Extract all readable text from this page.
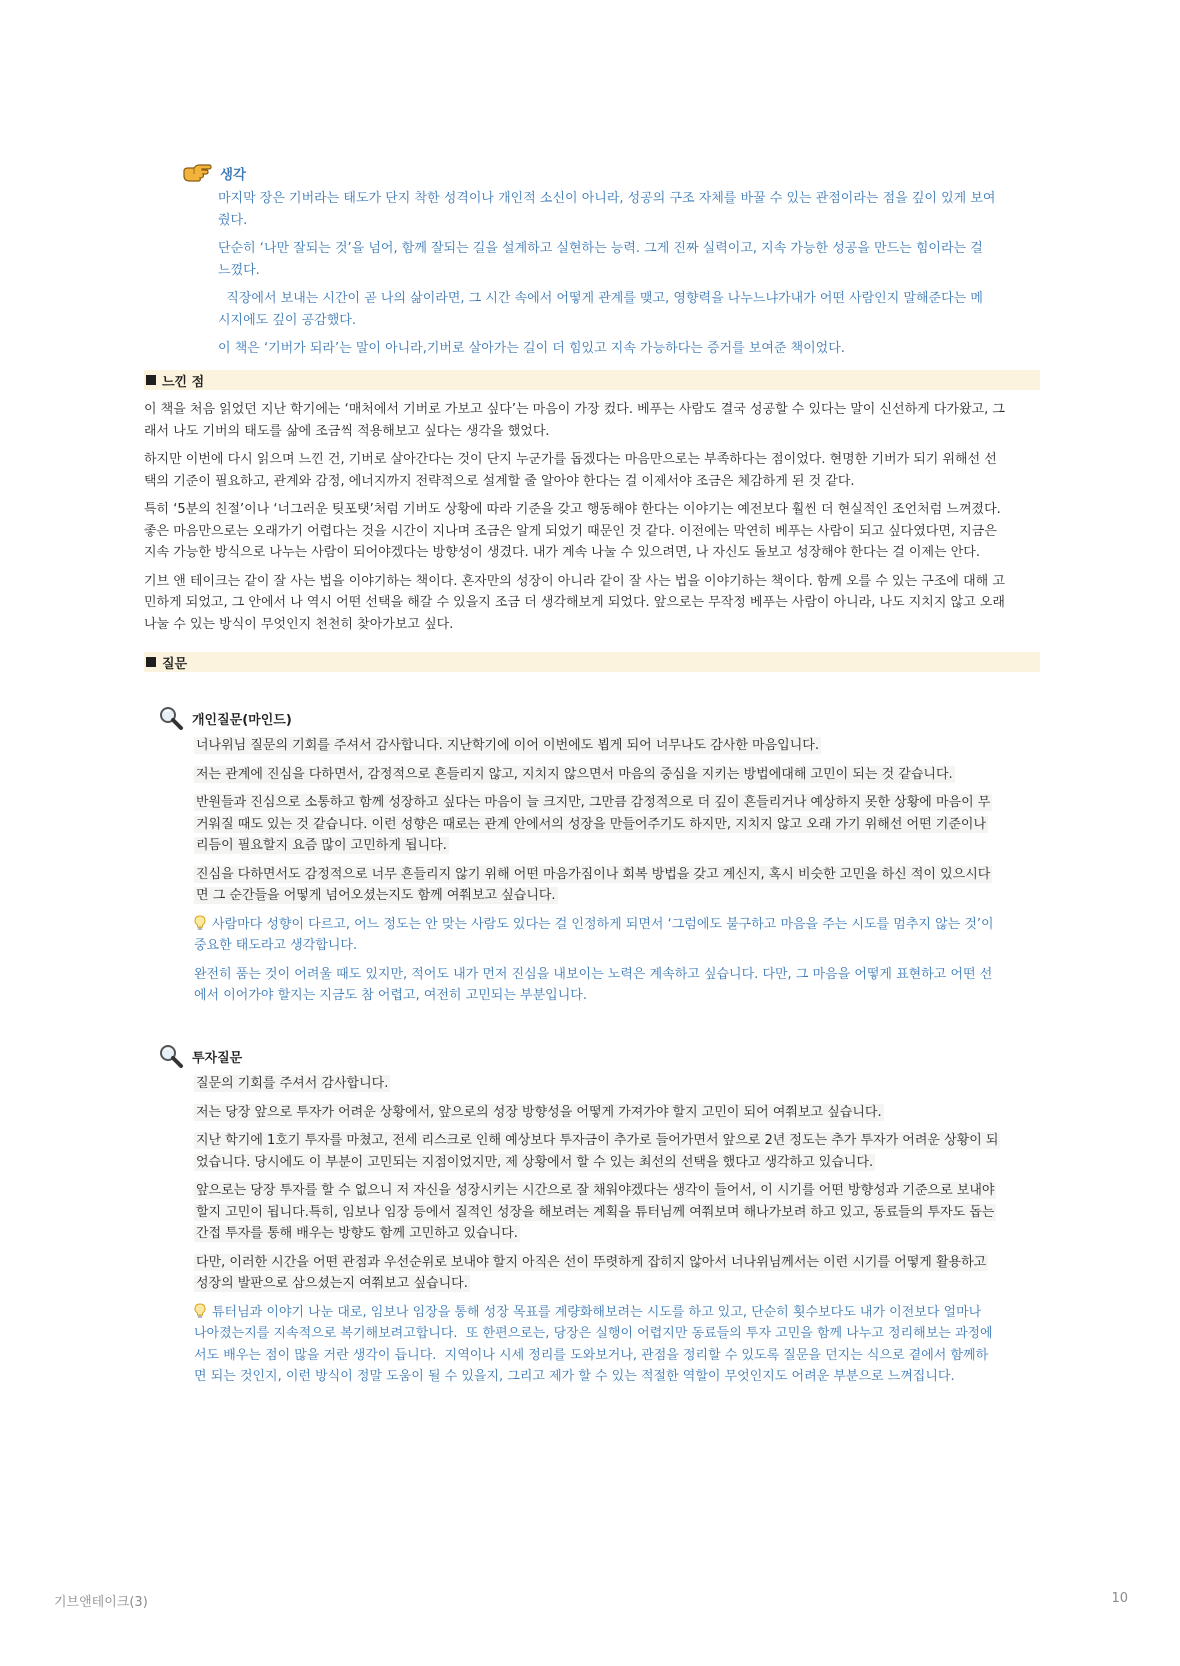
생각

마지막 장은 기버라는 태도가 단지 착한 성격이나 개인적 소신이 아니라, 성공의 구조 자체를 바꿀 수 있는 관점이라는 점을 깊이 있게 보여
줬다.

단순히 ‘나만 잘되는 것’을 넘어, 함께 잘되는 길을 설계하고 실현하는 능력. 그게 진짜 실력이고, 지속 가능한 성공을 만드는 힘이라는 걸
느꼈다.

직장에서 보내는 시간이 곧 나의 삶이라면, 그 시간 속에서 어떻게 관계를 맺고, 영향력을 나누느냐가내가 어떤 사람인지 말해준다는 메
시지에도 깊이 공감했다.

이 책은 ‘기버가 되라’는 말이 아니라,기버로 살아가는 길이 더 힘있고 지속 가능하다는 증거를 보여준 책이었다.

느낀 점

이 책을 처음 읽었던 지난 학기에는 ‘매처에서 기버로 가보고 싶다’는 마음이 가장 컸다. 베푸는 사람도 결국 성공할 수 있다는 말이 신선하게 다가왔고, 그
래서 나도 기버의 태도를 삶에 조금씩 적용해보고 싶다는 생각을 했었다.

하지만 이번에 다시 읽으며 느낀 건, 기버로 살아간다는 것이 단지 누군가를 돕겠다는 마음만으로는 부족하다는 점이었다. 현명한 기버가 되기 위해선 선
택의 기준이 필요하고, 관계와 감정, 에너지까지 전략적으로 설계할 줄 알아야 한다는 걸 이제서야 조금은 체감하게 된 것 같다.

특히 ‘5분의 친절’이나 ‘너그러운 팃포탯’처럼 기버도 상황에 따라 기준을 갖고 행동해야 한다는 이야기는 예전보다 훨씬 더 현실적인 조언처럼 느껴졌다.
좋은 마음만으로는 오래가기 어렵다는 것을 시간이 지나며 조금은 알게 되었기 때문인 것 같다. 이전에는 막연히 베푸는 사람이 되고 싶다였다면, 지금은
지속 가능한 방식으로 나누는 사람이 되어야겠다는 방향성이 생겼다. 내가 계속 나눌 수 있으려면, 나 자신도 돌보고 성장해야 한다는 걸 이제는 안다.

기브 앤 테이크는 같이 잘 사는 법을 이야기하는 책이다. 혼자만의 성장이 아니라 같이 잘 사는 법을 이야기하는 책이다. 함께 오를 수 있는 구조에 대해 고
민하게 되었고, 그 안에서 나 역시 어떤 선택을 해갈 수 있을지 조금 더 생각해보게 되었다. 앞으로는 무작정 베푸는 사람이 아니라, 나도 지치지 않고 오래
나눌 수 있는 방식이 무엇인지 천천히 찾아가보고 싶다.

질문
개인질문(마인드)

너나위님 질문의 기회를 주셔서 감사합니다. 지난학기에 이어 이번에도 뵙게 되어 너무나도 감사한 마음입니다.

저는 관계에 진심을 다하면서, 감정적으로 흔들리지 않고, 지치지 않으면서 마음의 중심을 지키는 방법에대해 고민이 되는 것 같습니다.

반원들과 진심으로 소통하고 함께 성장하고 싶다는 마음이 늘 크지만, 그만큼 감정적으로 더 깊이 흔들리거나 예상하지 못한 상황에 마음이 무
거워질 때도 있는 것 같습니다. 이런 성향은 때로는 관계 안에서의 성장을 만들어주기도 하지만, 지치지 않고 오래 가기 위해선 어떤 기준이나
리듬이 필요할지 요즘 많이 고민하게 됩니다.

진심을 다하면서도 감정적으로 너무 흔들리지 않기 위해 어떤 마음가짐이나 회복 방법을 갖고 계신지, 혹시 비슷한 고민을 하신 적이 있으시다
면 그 순간들을 어떻게 넘어오셨는지도 함께 여쭤보고 싶습니다.

사람마다 성향이 다르고, 어느 정도는 안 맞는 사람도 있다는 걸 인정하게 되면서 ‘그럼에도 불구하고 마음을 주는 시도를 멈추지 않는 것’이
중요한 태도라고 생각합니다.

완전히 품는 것이 어려울 때도 있지만, 적어도 내가 먼저 진심을 내보이는 노력은 계속하고 싶습니다. 다만, 그 마음을 어떻게 표현하고 어떤 선
에서 이어가야 할지는 지금도 참 어렵고, 여전히 고민되는 부분입니다.

투자질문

질문의 기회를 주셔서 감사합니다.

저는 당장 앞으로 투자가 어려운 상황에서, 앞으로의 성장 방향성을 어떻게 가져가야 할지 고민이 되어 여쭤보고 싶습니다.

지난 학기에 1호기 투자를 마쳤고, 전세 리스크로 인해 예상보다 투자금이 추가로 들어가면서 앞으로 2년 정도는 추가 투자가 어려운 상황이 되
었습니다. 당시에도 이 부분이 고민되는 지점이었지만, 제 상황에서 할 수 있는 최선의 선택을 했다고 생각하고 있습니다.

앞으로는 당장 투자를 할 수 없으니 저 자신을 성장시키는 시간으로 잘 채워야겠다는 생각이 들어서, 이 시기를 어떤 방향성과 기준으로 보내야
할지 고민이 됩니다.특히, 임보나 임장 등에서 질적인 성장을 해보려는 계획을 튜터님께 여쭤보며 해나가보려 하고 있고, 동료들의 투자도 돕는
간접 투자를 통해 배우는 방향도 함께 고민하고 있습니다.

다만, 이러한 시간을 어떤 관점과 우선순위로 보내야 할지 아직은 선이 뚜렷하게 잡히지 않아서 너나위님께서는 이런 시기를 어떻게 활용하고
성장의 발판으로 삼으셨는지 여쭤보고 싶습니다.

튜터님과 이야기 나눈 대로, 임보나 임장을 통해 성장 목표를 계량화해보려는 시도를 하고 있고, 단순히 횟수보다도 내가 이전보다 얼마나
나아졌는지를 지속적으로 복기해보려고합니다.  또 한편으로는, 당장은 실행이 어렵지만 동료들의 투자 고민을 함께 나누고 정리해보는 과정에
서도 배우는 점이 많을 거란 생각이 듭니다.  지역이나 시세 정리를 도와보거나, 관점을 정리할 수 있도록 질문을 던지는 식으로 곁에서 함께하
면 되는 것인지, 이런 방식이 정말 도움이 될 수 있을지, 그리고 제가 할 수 있는 적절한 역할이 무엇인지도 어려운 부분으로 느껴집니다.

기브앤테이크(3)	10
